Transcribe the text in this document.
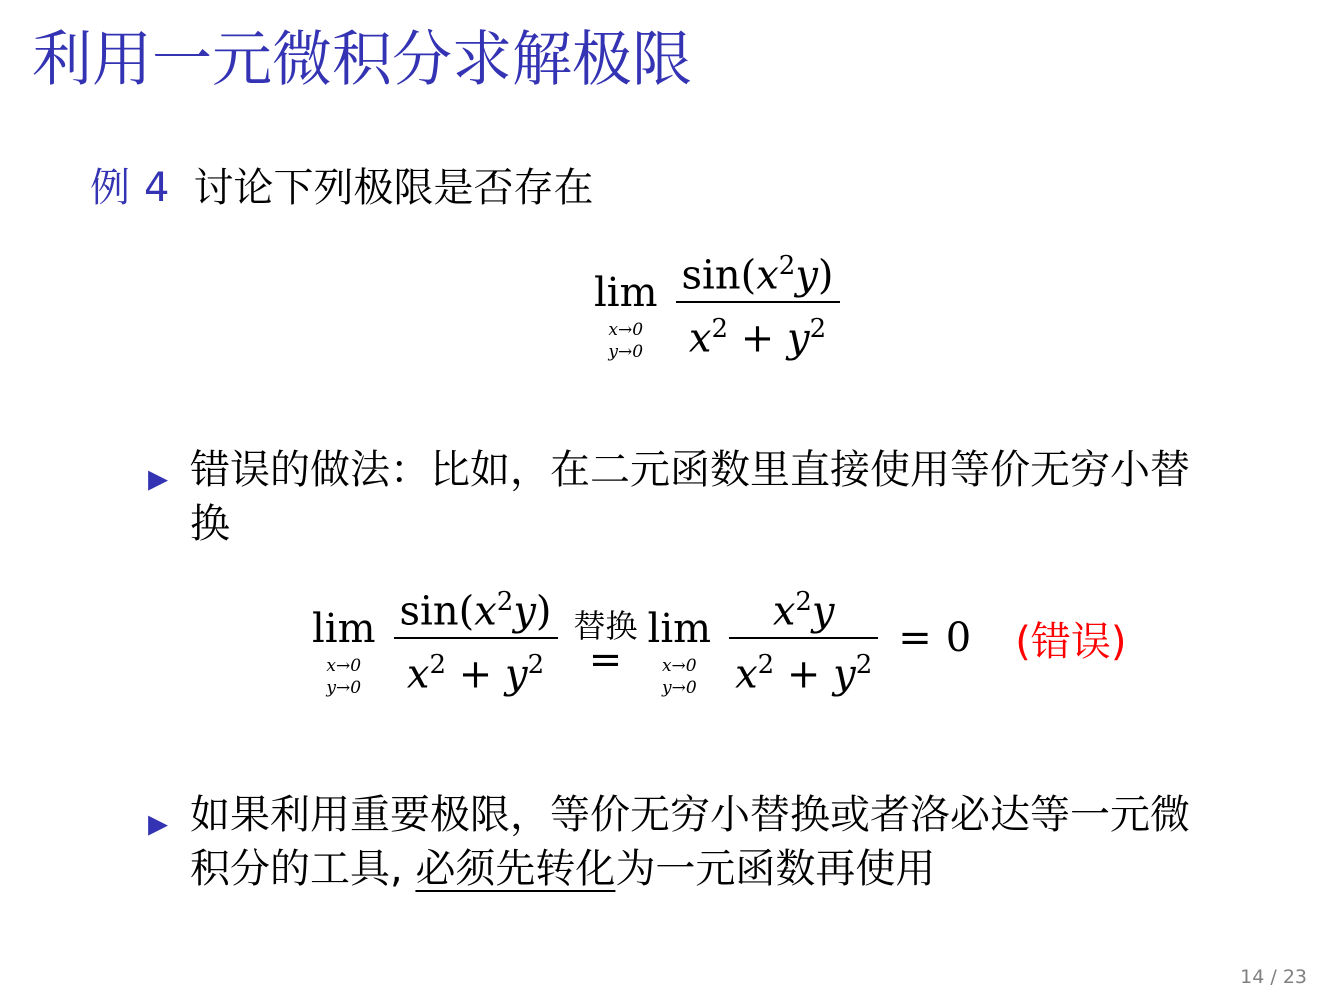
利用一元微积分求解极限
例 4 讨论下列极限是否存在
lim
x→0
$y\to 0 \frac{\sin(x^2y)}{x^2 + y^2}$
▸ 错误的做法：比如，在二元函数里直接使用等价无穷小替换
lim
x→0
$y\to 0 \frac{\sin(x^2y)}{x^2 + y^2}$ 替换
=
lim
x→0
$y\to 0 \frac{x^2y}{x^2 + y^2} = 0$ (错误)
▸ 如果利用重要极限，等价无穷小替换或者洛必达等一元微积分的工具, 必须先转化为一元函数再使用
14 / 23
